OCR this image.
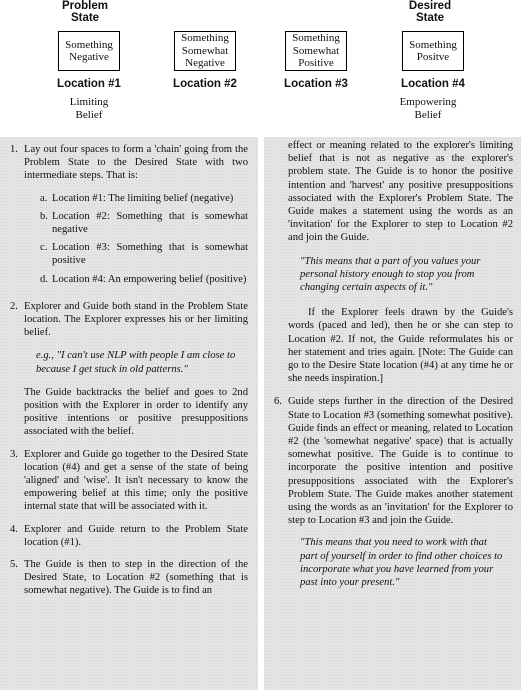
Problem State
Desired State
Something Negative
Something Somewhat Negative
Something Somewhat Positive
Something Positve
Location #1	Location #2	Location #3	Location #4
Limiting Belief
Empowering Belief
1. Lay out four spaces to form a 'chain' going from the Problem State to the Desired State with two intermediate steps. That is:
a. Location #1: The limiting belief (negative)
b. Location #2: Something that is somewhat negative
c. Location #3: Something that is somewhat positive
d. Location #4: An empowering belief (positive)
2. Explorer and Guide both stand in the Problem State location. The Explorer expresses his or her limiting belief.
e.g., "I can't use NLP with people I am close to because I get stuck in old patterns."
The Guide backtracks the belief and goes to 2nd position with the Explorer in order to identify any positive intentions or positive presuppositions associated with the belief.
3. Explorer and Guide go together to the Desired State location (#4) and get a sense of the state of being 'aligned' and 'wise'. It isn't necessary to know the empowering belief at this time; only the positive internal state that will be associated with it.
4. Explorer and Guide return to the Problem State location (#1).
5. The Guide is then to step in the direction of the Desired State, to Location #2 (something that is somewhat negative). The Guide is to find an
effect or meaning related to the explorer's limiting belief that is not as negative as the explorer's problem state. The Guide is to honor the positive intention and 'harvest' any positive presuppositions associated with the Explorer's Problem State. The Guide makes a statement using the words as an 'invitation' for the Explorer to step to Location #2 and join the Guide.
"This means that a part of you values your personal history enough to stop you from changing certain aspects of it."
If the Explorer feels drawn by the Guide's words (paced and led), then he or she can step to Location #2. If not, the Guide reformulates his or her statement and tries again. [Note: The Guide can go to the Desire State location (#4) at any time he or she needs inspiration.]
6. Guide steps further in the direction of the Desired State to Location #3 (something somewhat positive). Guide finds an effect or meaning, related to Location #2 (the 'somewhat negative' space) that is actually somewhat positive. The Guide is to continue to incorporate the positive intention and positive presuppositions associated with the Explorer's Problem State. The Guide makes another statement using the words as an 'invitation' for the Explorer to step to Location #3 and join the Guide.
"This means that you need to work with that part of yourself in order to find other choices to incorporate what you have learned from your past into your present."
